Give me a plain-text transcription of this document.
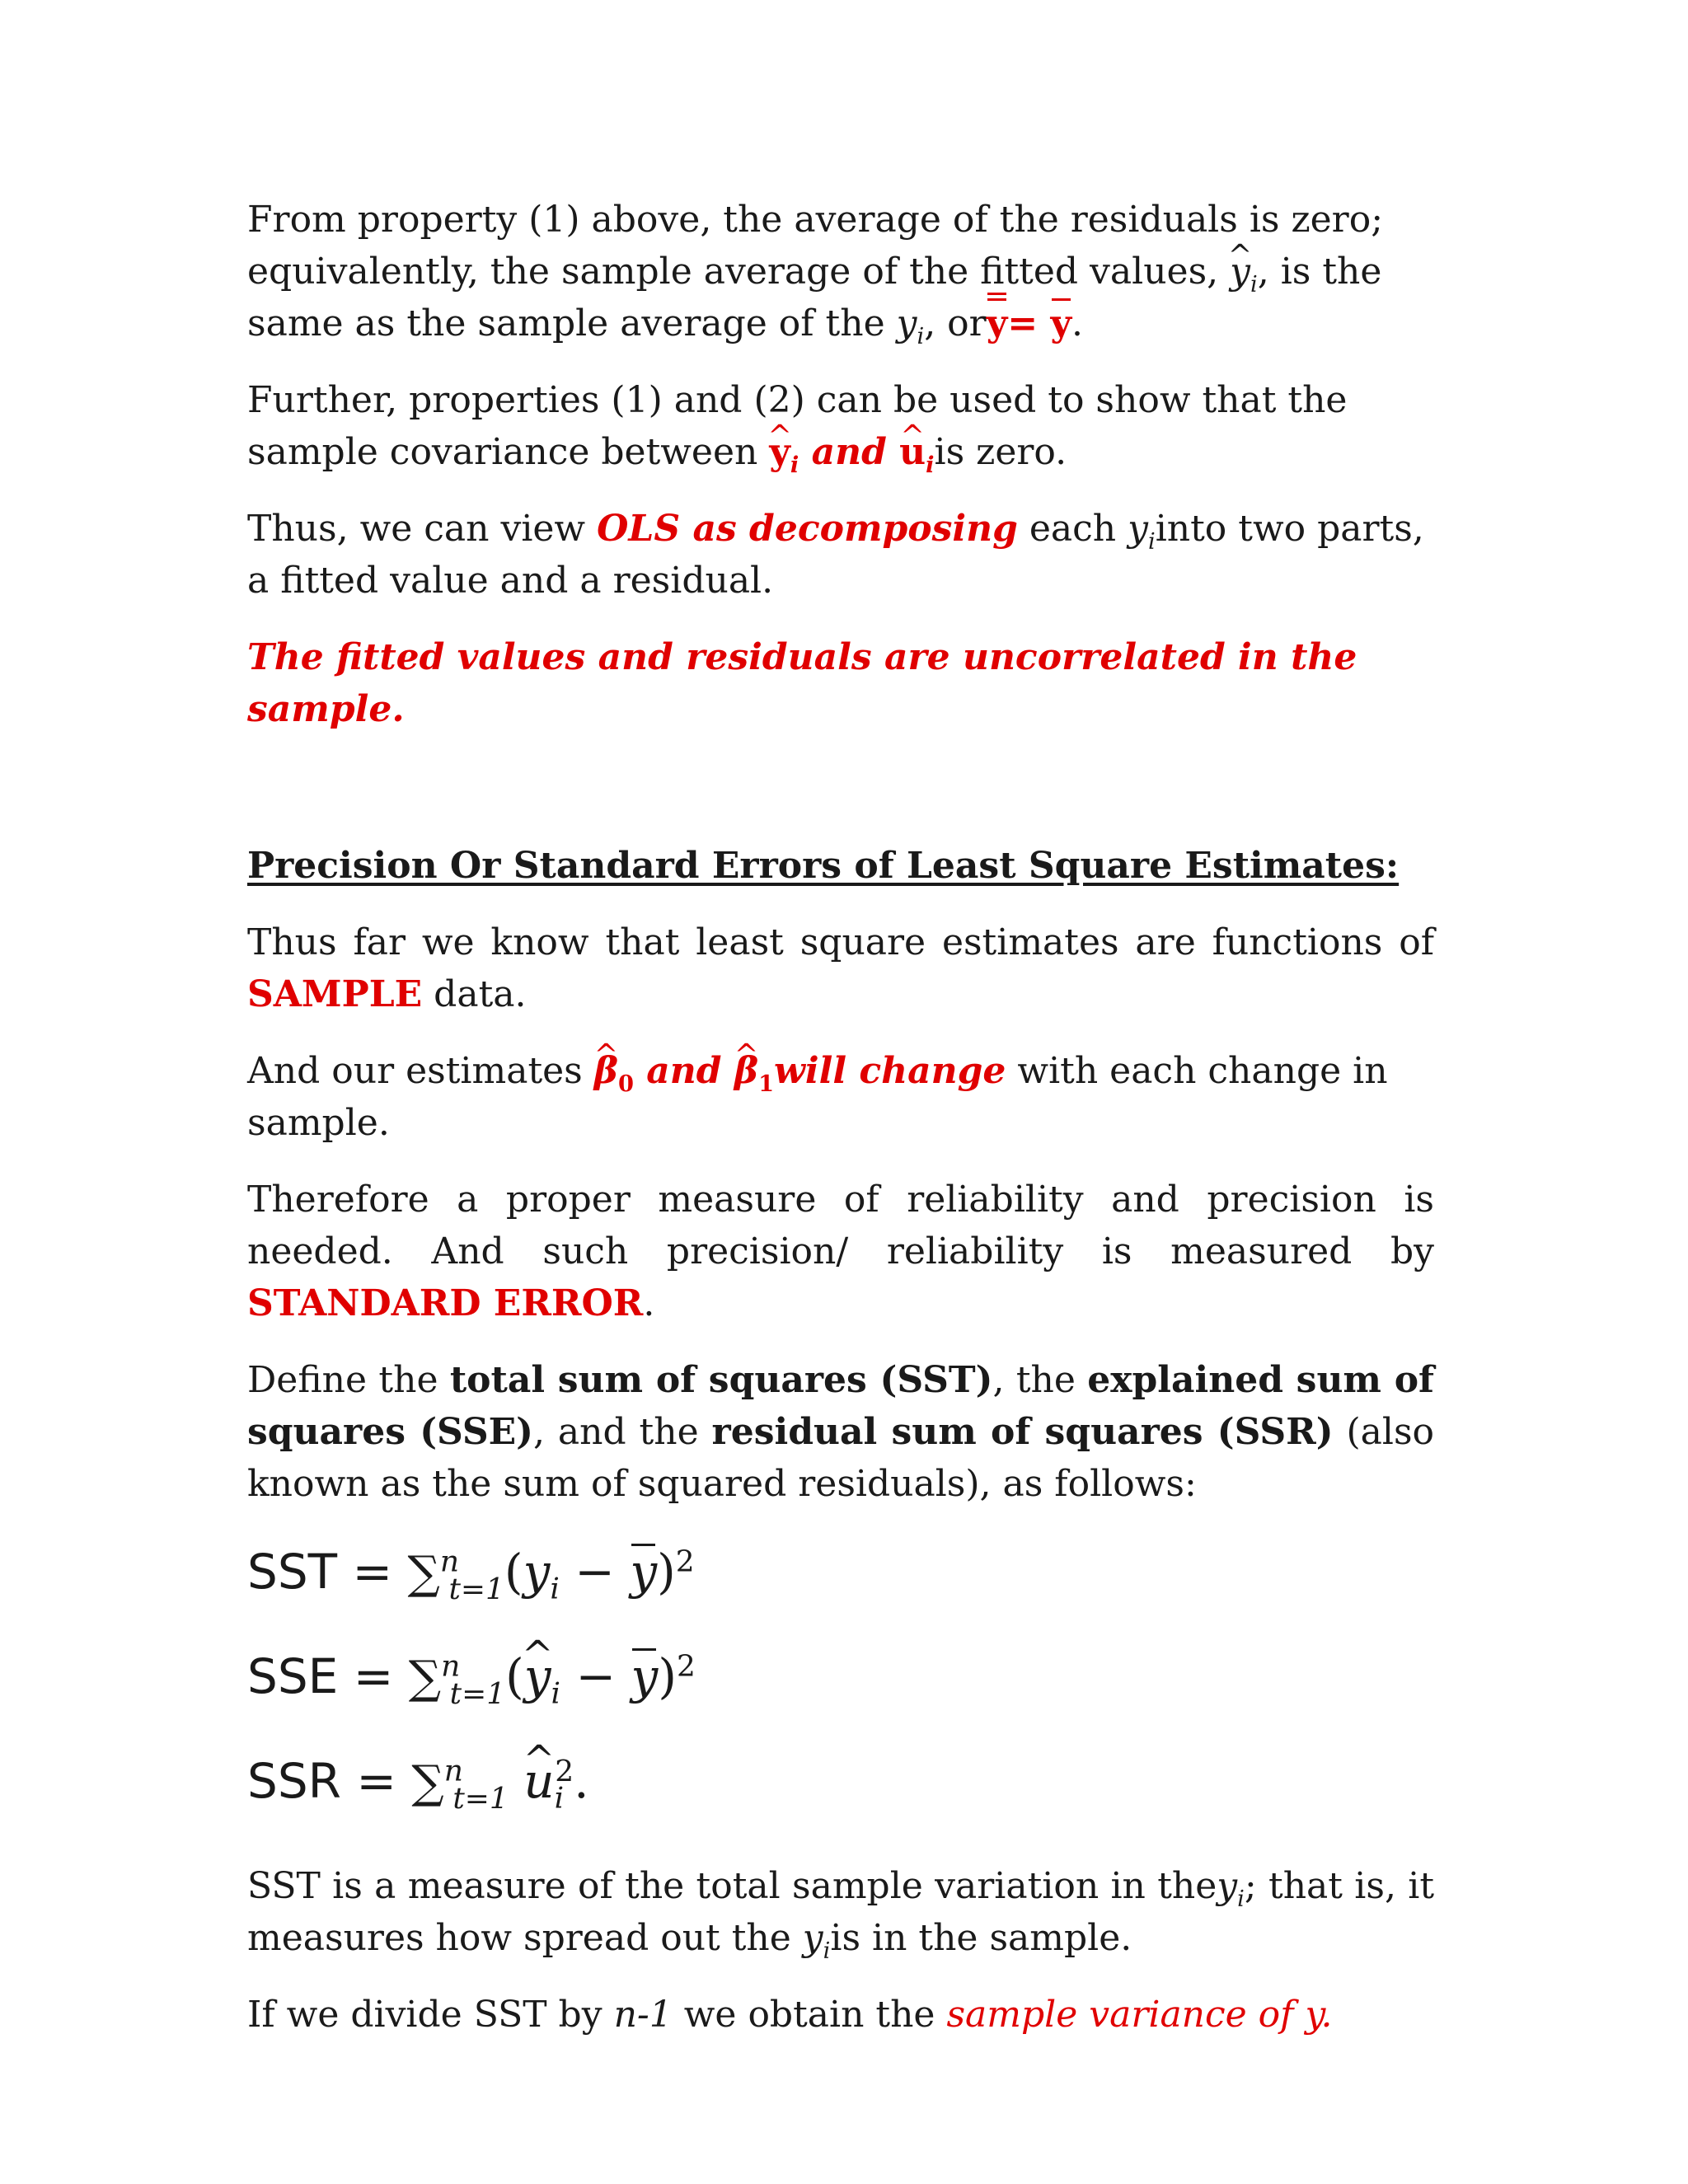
From property (1) above, the average of the residuals is zero; equivalently, the sample average of the fitted values, ^ $y_i$, is the same as the sample average of the $y_i$, ory= y.

Further, properties (1) and (2) can be used to show that the sample covariance between ^ $y_i$ and ^ $u_iis$ zero.

Thus, we can view OLS as decomposing each $y_iinto$ two parts, a fitted value and a residual.

The fitted values and residuals are uncorrelated in the sample.

Precision Or Standard Errors of Least Square Estimates:

Thus far we know that least square estimates are functions of SAMPLE data.

And our estimates ^ $\beta_0$ and ^ $\beta_1will$ change with each change in sample.

Therefore a proper measure of reliability and precision is needed. And such precision/ reliability is measured by STANDARD ERROR.

Define the total sum of squares (SST), the explained sum of squares (SSE), and the residual sum of squares (SSR) (also known as the sum of squared residuals), as follows:

SST = $\sum^n_{t=1}(y_i - y)^2$

SSE = ∑$^n_{t=1}$(^ $y_i - y)^2$

SSR = ∑$^n_{t=1}$ ^ $u_i^2$.

SST is a measure of the total sample variation in they$_i$; that is, it measures how spread out the $y_iis$ in the sample.

If we divide SST by n-1 we obtain the sample variance of y.
